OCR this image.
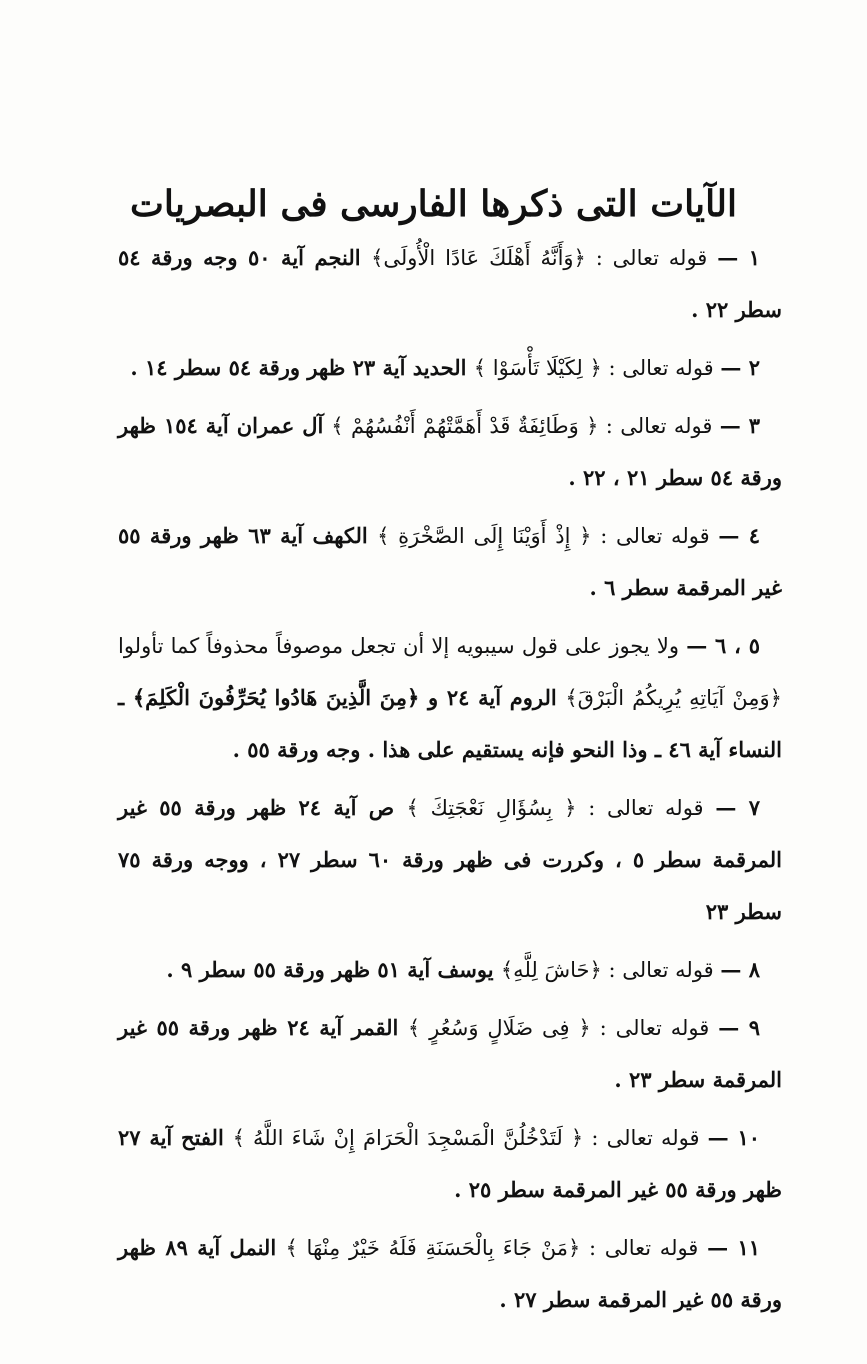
الآيات التى ذكرها الفارسى فى البصريات

١ — قوله تعالى : ﴿وَأَنَّهُ أَهْلَكَ عَادًا الْأُولَى﴾ النجم آية ٥٠ وجه ورقة ٥٤ سطر ٢٢ .

٢ — قوله تعالى : ﴿ لِكَيْلَا تَأْسَوْا ﴾ الحديد آية ٢٣ ظهر ورقة ٥٤ سطر ١٤ .

٣ — قوله تعالى : ﴿ وَطَائِفَةٌ قَدْ أَهَمَّتْهُمْ أَنْفُسُهُمْ ﴾ آل عمران آية ١٥٤ ظهر ورقة ٥٤ سطر ٢١ ، ٢٢ .

٤ — قوله تعالى : ﴿ إِذْ أَوَيْنَا إِلَى الصَّخْرَةِ ﴾ الكهف آية ٦٣ ظهر ورقة ٥٥ غير المرقمة سطر ٦ .

٥ ، ٦ — ولا يجوز على قول سيبويه إلا أن تجعل موصوفاً محذوفاً كما تأولوا ﴿وَمِنْ آيَاتِهِ يُرِيكُمُ الْبَرْقَ﴾ الروم آية ٢٤ و ﴿مِنَ الَّذِينَ هَادُوا يُحَرِّفُونَ الْكَلِمَ﴾ ـ النساء آية ٤٦ ـ وذا النحو فإنه يستقيم على هذا . وجه ورقة ٥٥ .

٧ — قوله تعالى : ﴿ بِسُؤَالِ نَعْجَتِكَ ﴾ ص آية ٢٤ ظهر ورقة ٥٥ غير المرقمة سطر ٥ ، وكررت فى ظهر ورقة ٦٠ سطر ٢٧ ، ووجه ورقة ٧٥ سطر ٢٣

٨ — قوله تعالى : ﴿حَاشَ لِلَّهِ﴾ يوسف آية ٥١ ظهر ورقة ٥٥ سطر ٩ .

٩ — قوله تعالى : ﴿ فِى ضَلَالٍ وَسُعُرٍ ﴾ القمر آية ٢٤ ظهر ورقة ٥٥ غير المرقمة سطر ٢٣ .

١٠ — قوله تعالى : ﴿ لَتَدْخُلُنَّ الْمَسْجِدَ الْحَرَامَ إِنْ شَاءَ اللَّهُ ﴾ الفتح آية ٢٧ ظهر ورقة ٥٥ غير المرقمة سطر ٢٥ .

١١ — قوله تعالى : ﴿مَنْ جَاءَ بِالْحَسَنَةِ فَلَهُ خَيْرٌ مِنْهَا ﴾ النمل آية ٨٩ ظهر ورقة ٥٥ غير المرقمة سطر ٢٧ .
